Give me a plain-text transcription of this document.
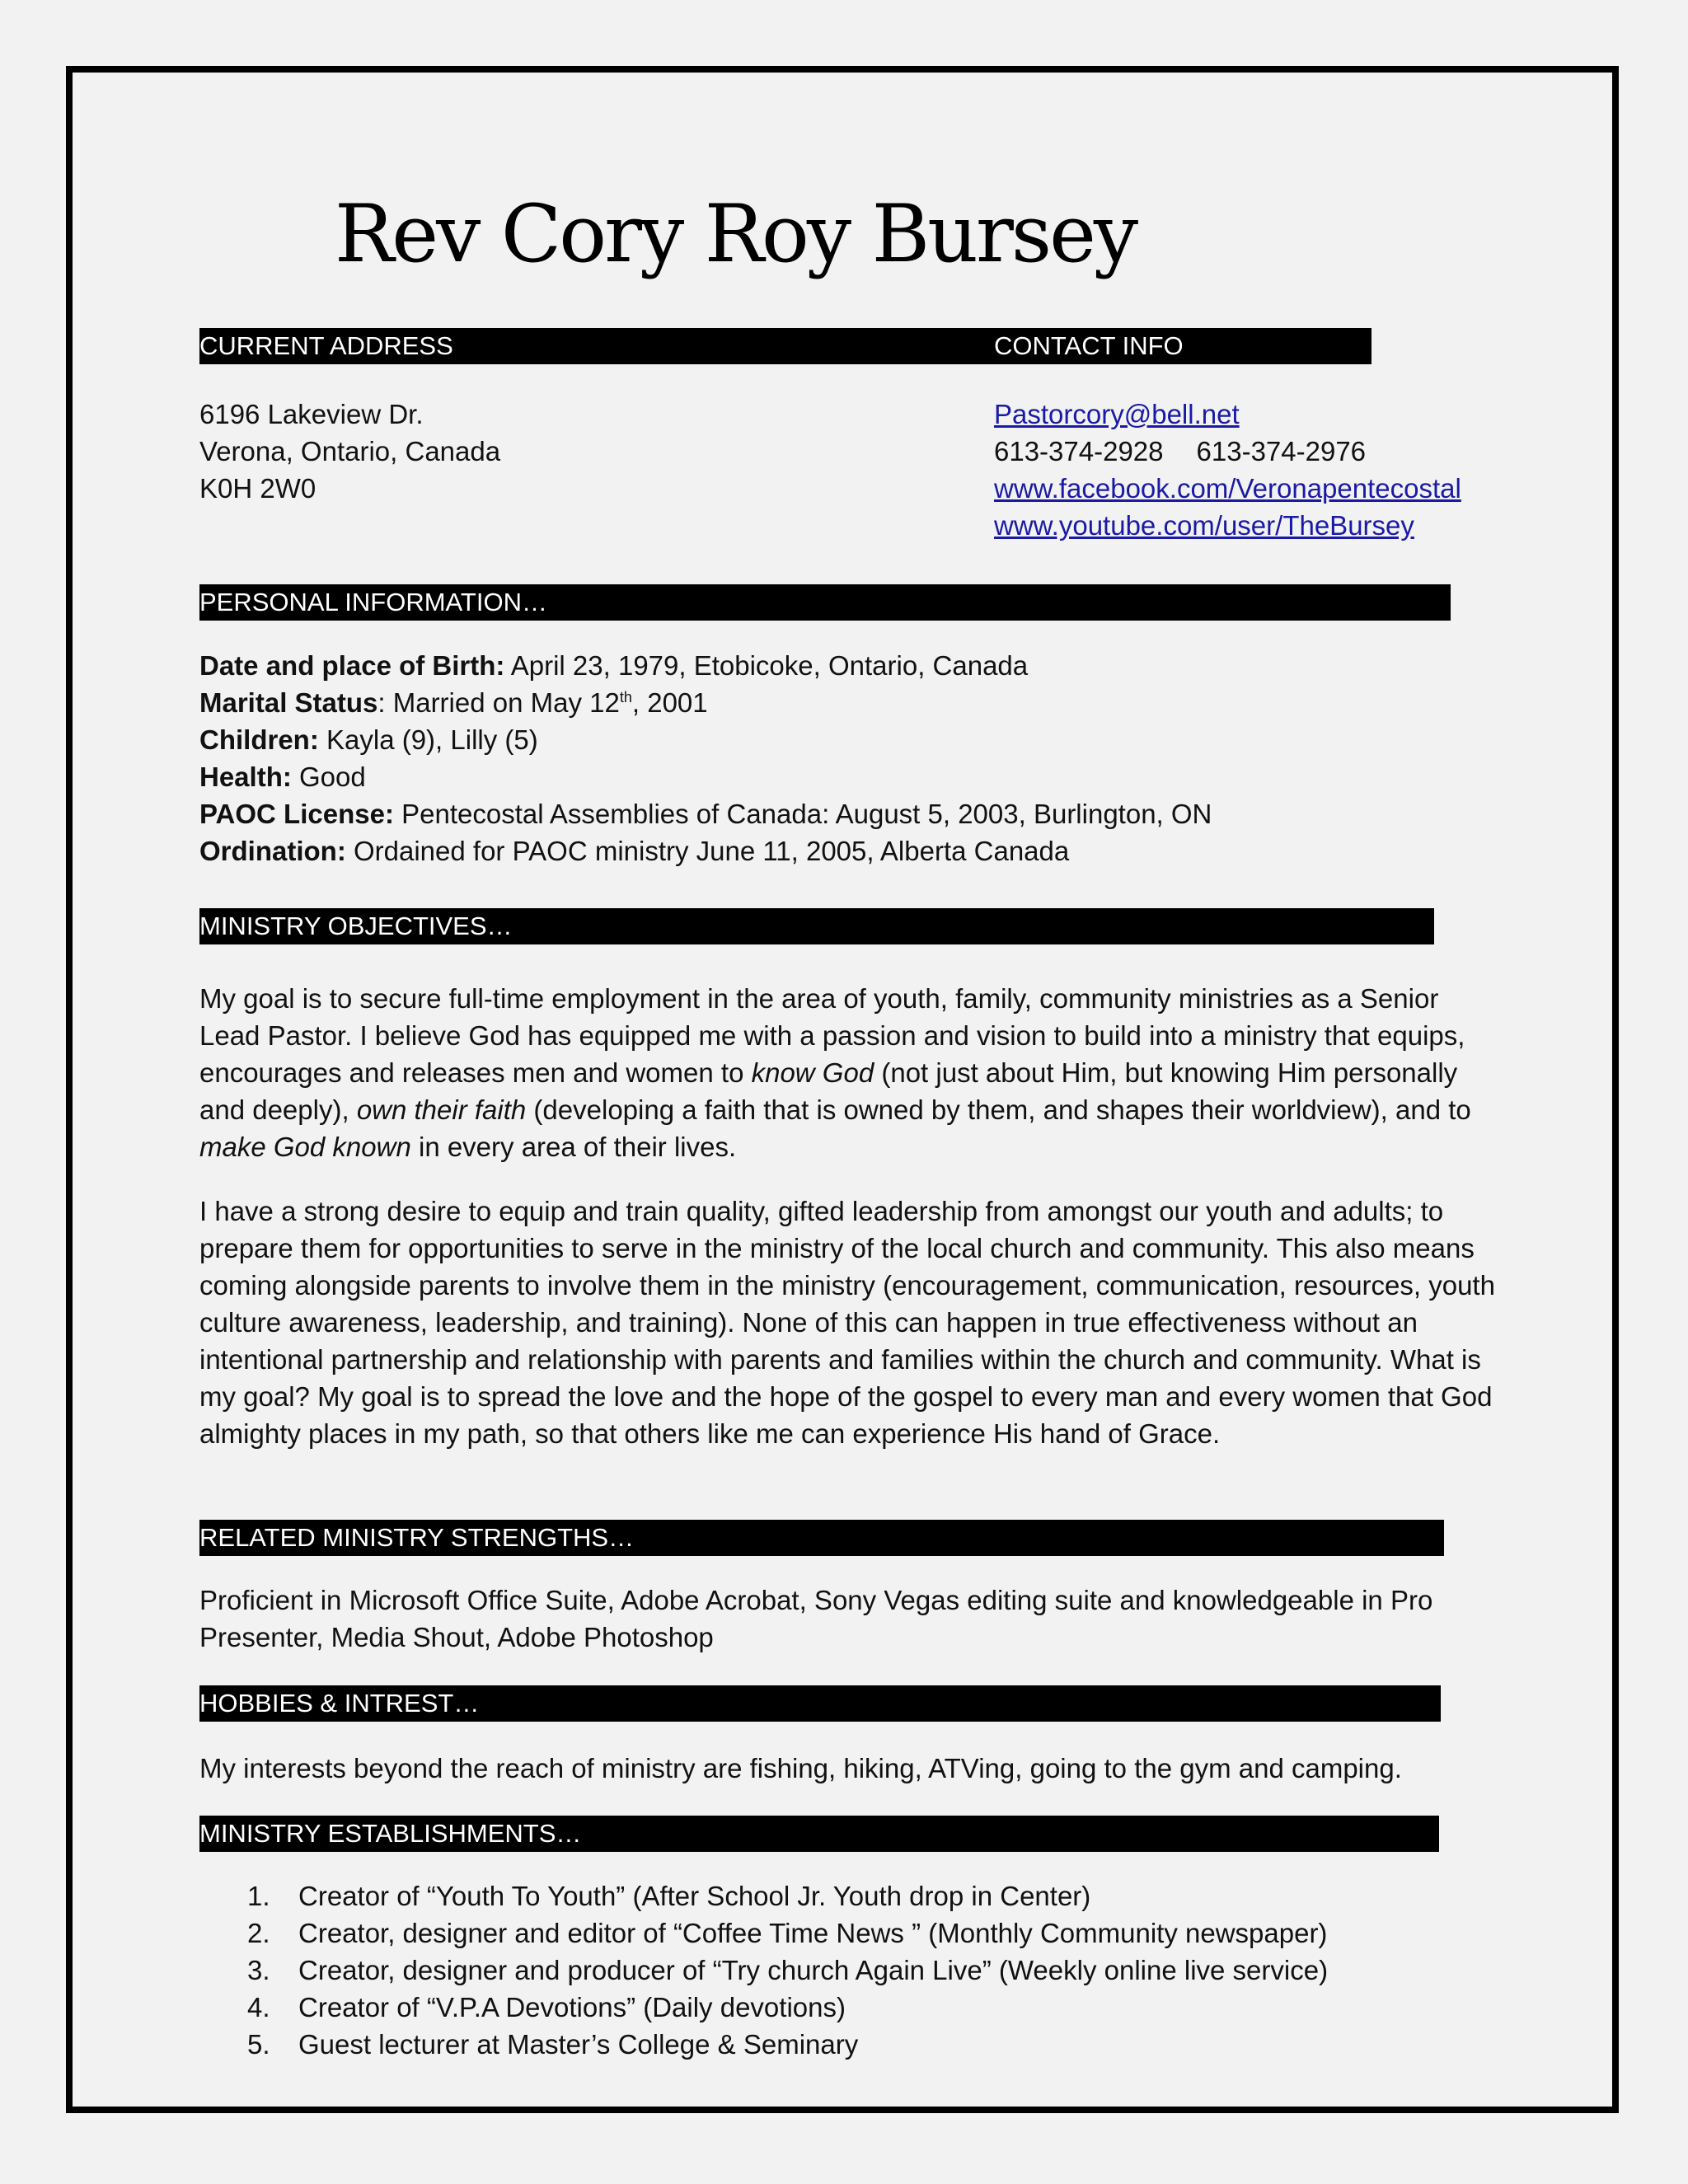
Rev Cory Roy Bursey
CURRENT ADDRESS	CONTACT INFO
6196 Lakeview Dr.
Verona, Ontario, Canada
K0H 2W0
Pastorcory@bell.net
613-374-2928 613-374-2976
www.facebook.com/Veronapentecostal
www.youtube.com/user/TheBursey
PERSONAL INFORMATION…
Date and place of Birth: April 23, 1979, Etobicoke, Ontario, Canada
Marital Status: Married on May 12th, 2001
Children: Kayla (9), Lilly (5)
Health: Good
PAOC License: Pentecostal Assemblies of Canada: August 5, 2003, Burlington, ON
Ordination: Ordained for PAOC ministry June 11, 2005, Alberta Canada
MINISTRY OBJECTIVES…

My goal is to secure full-time employment in the area of youth, family, community ministries as a Senior Lead Pastor. I believe God has equipped me with a passion and vision to build into a ministry that equips, encourages and releases men and women to know God (not just about Him, but knowing Him personally and deeply), own their faith (developing a faith that is owned by them, and shapes their worldview), and to make God known in every area of their lives.

I have a strong desire to equip and train quality, gifted leadership from amongst our youth and adults; to prepare them for opportunities to serve in the ministry of the local church and community. This also means coming alongside parents to involve them in the ministry (encouragement, communication, resources, youth culture awareness, leadership, and training). None of this can happen in true effectiveness without an intentional partnership and relationship with parents and families within the church and community. What is my goal? My goal is to spread the love and the hope of the gospel to every man and every women that God almighty places in my path, so that others like me can experience His hand of Grace.

RELATED MINISTRY STRENGTHS…

Proficient in Microsoft Office Suite, Adobe Acrobat, Sony Vegas editing suite and knowledgeable in Pro Presenter, Media Shout, Adobe Photoshop

HOBBIES & INTREST…
My interests beyond the reach of ministry are fishing, hiking, ATVing, going to the gym and camping.
MINISTRY ESTABLISHMENTS…
1. Creator of “Youth To Youth” (After School Jr. Youth drop in Center)
2. Creator, designer and editor of “Coffee Time News ” (Monthly Community newspaper)
3. Creator, designer and producer of “Try church Again Live” (Weekly online live service)
4. Creator of “V.P.A Devotions” (Daily devotions)
5. Guest lecturer at Master’s College & Seminary
